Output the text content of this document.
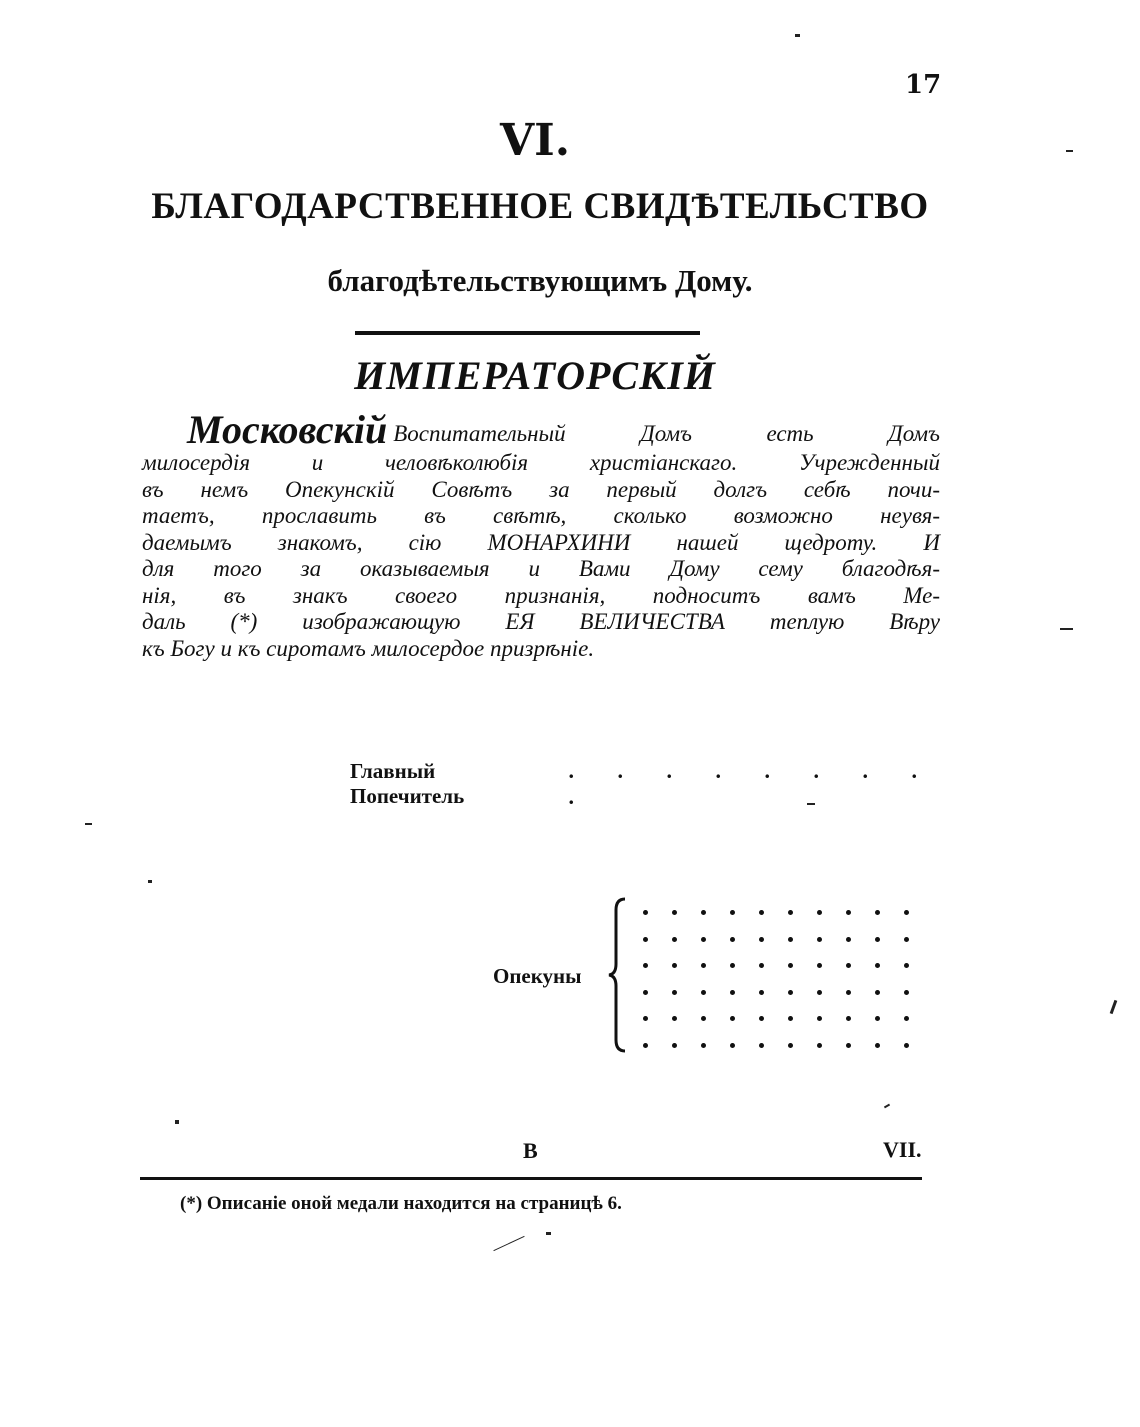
17
VI.
БЛАГОДАРСТВЕННОЕ СВИДѢТЕЛЬСТВО
благодѣтельствующимъ Дому.
ИМПЕРАТОРСКІЙ
Московскій Воспитательный Домъ есть Домъ
милосердія и человѣколюбія христіанскаго. Учрежденный
въ немъ Опекунскій Совѣтъ за первый долгъ себѣ почи-
таетъ, прославить въ свѣтѣ, сколько возможно неувя-
даемымъ знакомъ, сію МОНАРХИНИ нашей щедроту. И
для того за оказываемыя и Вами Дому сему благодѣя-
нія, въ знакъ своего признанія, подноситъ вамъ Ме-
даль (*) изображающую ЕЯ ВЕЛИЧЕСТВА теплую Вѣру
къ Богу и къ сиротамъ милосердое призрѣніе.
Главный Попечитель
. . . . . . . . .
Опекуны
B	VII.
(*) Описаніе оной медали находится на страницѣ 6.
